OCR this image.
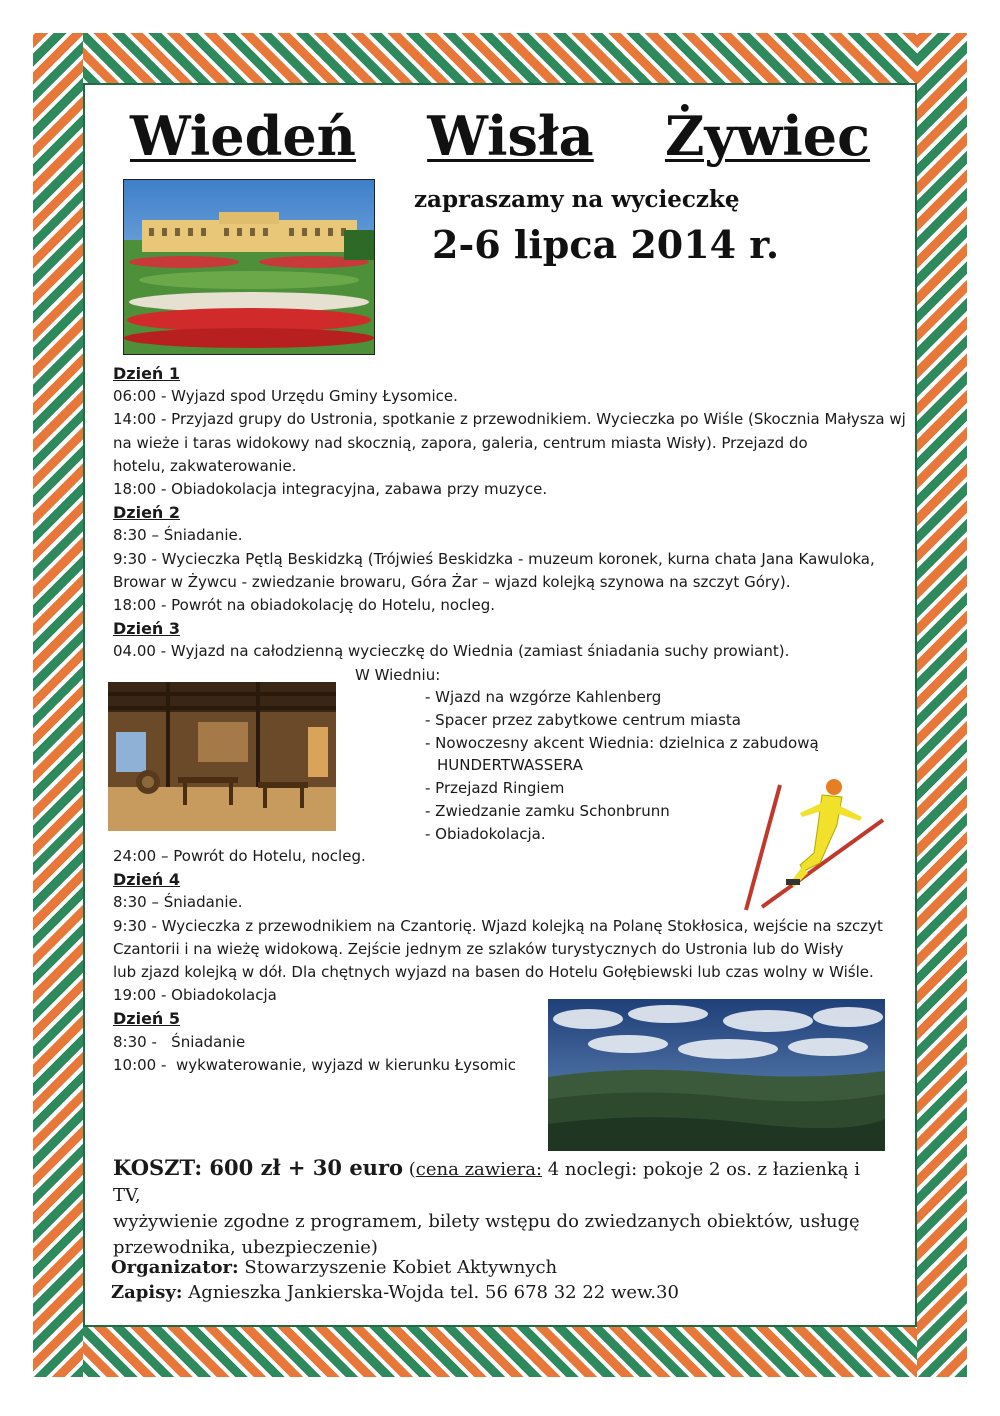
Wiedeń Wisła Żywiec

zapraszamy na wycieczkę

2-6 lipca 2014 r.

Dzień 1
06:00 - Wyjazd spod Urzędu Gminy Łysomice.
14:00 - Przyjazd grupy do Ustronia, spotkanie z przewodnikiem. Wycieczka po Wiśle (Skocznia Małysza wj
na wieże i taras widokowy nad skocznią, zapora, galeria, centrum miasta Wisły). Przejazd do
hotelu, zakwaterowanie.
18:00 - Obiadokolacja integracyjna, zabawa przy muzyce.
Dzień 2
8:30 – Śniadanie.
9:30 - Wycieczka Pętlą Beskidzką (Trójwieś Beskidzka - muzeum koronek, kurna chata Jana Kawuloka,
Browar w Żywcu - zwiedzanie browaru, Góra Żar – wjazd kolejką szynowa na szczyt Góry).
18:00 - Powrót na obiadokolację do Hotelu, nocleg.
Dzień 3
04.00 - Wyjazd na całodzienną wycieczkę do Wiednia (zamiast śniadania suchy prowiant).
W Wiedniu:
- Wjazd na wzgórze Kahlenberg
- Spacer przez zabytkowe centrum miasta
- Nowoczesny akcent Wiednia: dzielnica z zabudową
HUNDERTWASSERA
- Przejazd Ringiem
- Zwiedzanie zamku Schonbrunn
- Obiadokolacja.
24:00 – Powrót do Hotelu, nocleg.
Dzień 4
8:30 – Śniadanie.
9:30 - Wycieczka z przewodnikiem na Czantorię. Wjazd kolejką na Polanę Stokłosica, wejście na szczyt
Czantorii i na wieżę widokową. Zejście jednym ze szlaków turystycznych do Ustronia lub do Wisły
lub zjazd kolejką w dół. Dla chętnych wyjazd na basen do Hotelu Gołębiewski lub czas wolny w Wiśle.
19:00 - Obiadokolacja
Dzień 5
8:30 -   Śniadanie
10:00 -  wykwaterowanie, wyjazd w kierunku Łysomic
KOSZT: 600 zł + 30 euro (cena zawiera: 4 noclegi: pokoje 2 os. z łazienką i TV,
wyżywienie zgodne z programem, bilety wstępu do zwiedzanych obiektów, usługę
przewodnika, ubezpieczenie)
Organizator: Stowarzyszenie Kobiet Aktywnych
Zapisy: Agnieszka Jankierska-Wojda tel. 56 678 32 22 wew.30
